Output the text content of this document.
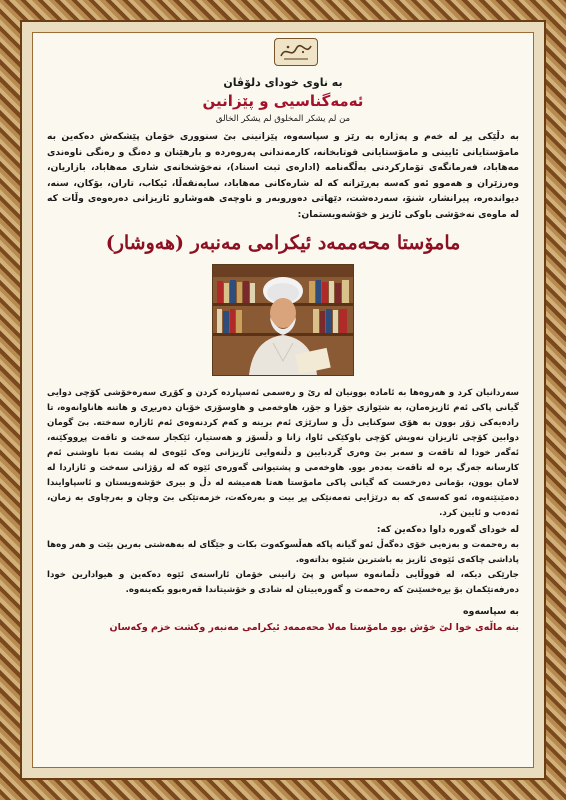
بە ناوی خودای دلۆڤان

ئەمەگناسیی و پێزانین

من لم یشکر المخلوق لم یشکر الخالق

بە دڵێکی پڕ لە خەم و پەژارە بە رێز و سپاسەوە، پێزانینی بێ سنووری خۆمان پێشکەش دەکەین بە مامۆستایانی ئایینی و مامۆستایانی قوتابخانە، کارمەندانی پەروەردە و بارهێنان و دەنگ و رەنگی ناوەندی مەهاباد، فەرمانگەی تۆمارکردنی بەڵگەنامە (ادارەی ثبت اسناد)، نەخۆشخانەی شاری مەهاباد، بازاریان، وەرزێران و هەموو ئەو کەسە بەڕێزانە کە لە شارەکانی مەهاباد، سایەنقەڵا، ئیکاب، تاران، بۆکان، سنە، دیواندەرە، پیرانشار، شنۆ، سەردەشت، دێهاتی دەوروبەر و ناوچەی هەوشارو ئازیزانی دەرەوەی وڵات کە لە ماوەی نەخۆشی باوکی ئازیز و خۆشەویستمان:

مامۆستا محەممەد ئیکرامی مەنبەر (هەوشار)

سەردانیان کرد و هەروەها بە ئامادە بوونیان لە رێ و رەسمی ئەسپاردە کردن و کۆڕی سەرەخۆشی کۆچی دوایی گیانی پاکی ئەم ئازیزەمان، بە شێوازی جۆرا و جۆر، هاوخەمی و هاوسۆزی خۆیان دەربڕی و هاتنە هاناوانەوە، تا رادەیەکی زۆر بوون بە هۆی سوکنایی دڵ و سارێژی ئەم برینە و کەم کردنەوەی ئەم ئازارە سەختە. بێ گومان دوابین کۆچی ئازیزان نەویش کۆچی باوکێکی ئاوا، زانا و دڵسۆز و هەستیار، ئێکجار سەخت و تاقەت پڕووکێنە، ئەگەر خودا لە تاقەت و سەبر بێ وەری گردبایین و دڵنەوایی ئازیزانی وەک ئێوەی لە پشت نەبا ناوشنی ئەم کارسانە جەرگ برە لە تاقەت بەدەر بوو. هاوخەمی و پشتیوانی گەورەی ئێوە کە لە رۆژانی سەخت و ئازاردا لە لامان بوون، بۆمانی دەرخست کە گیانی پاکی مامۆستا هەتا هەمیشە لە دڵ و بیری خۆشەویستان و ئاسپاوایندا دەمێنێتەوە، ئەو کەسەی کە بە درێژایی تەمەنێکی پڕ بیت و بەرەکەت، خزمەتێکی بێ وچان و بەرچاوی بە زمان، ئەدەب و ئایین کرد.

لە خودای گەورە داوا دەکەین کە:

بە رەحمەت و بەزەیی خۆی دەگەڵ ئەو گیانە پاکە هەڵسوکەوت بکات و جێگای لە بەهەشتی بەرین بێت و هەر وەها پاداشی چاکەی ئێوەی ئازیز بە باشترین شێوە بداتەوە.

جارێکی دیکە، لە قووڵایی دڵمانەوە سپاس و پێ زانینی خۆمان ئاراستەی ئێوە دەکەین و هیوادارین خودا دەرفەتێکمان بۆ بڕەخسێنێ کە رەحمەت و گەورەییتان لە شادی و خۆشیتاندا قەرەبوو بکەینەوە.

بە سپاسەوە

بنە ماڵەی خوا لێ خۆش بوو مامۆستا مەلا محەممەد ئیکرامی مەنبەر وکشت خزم وکەسان
